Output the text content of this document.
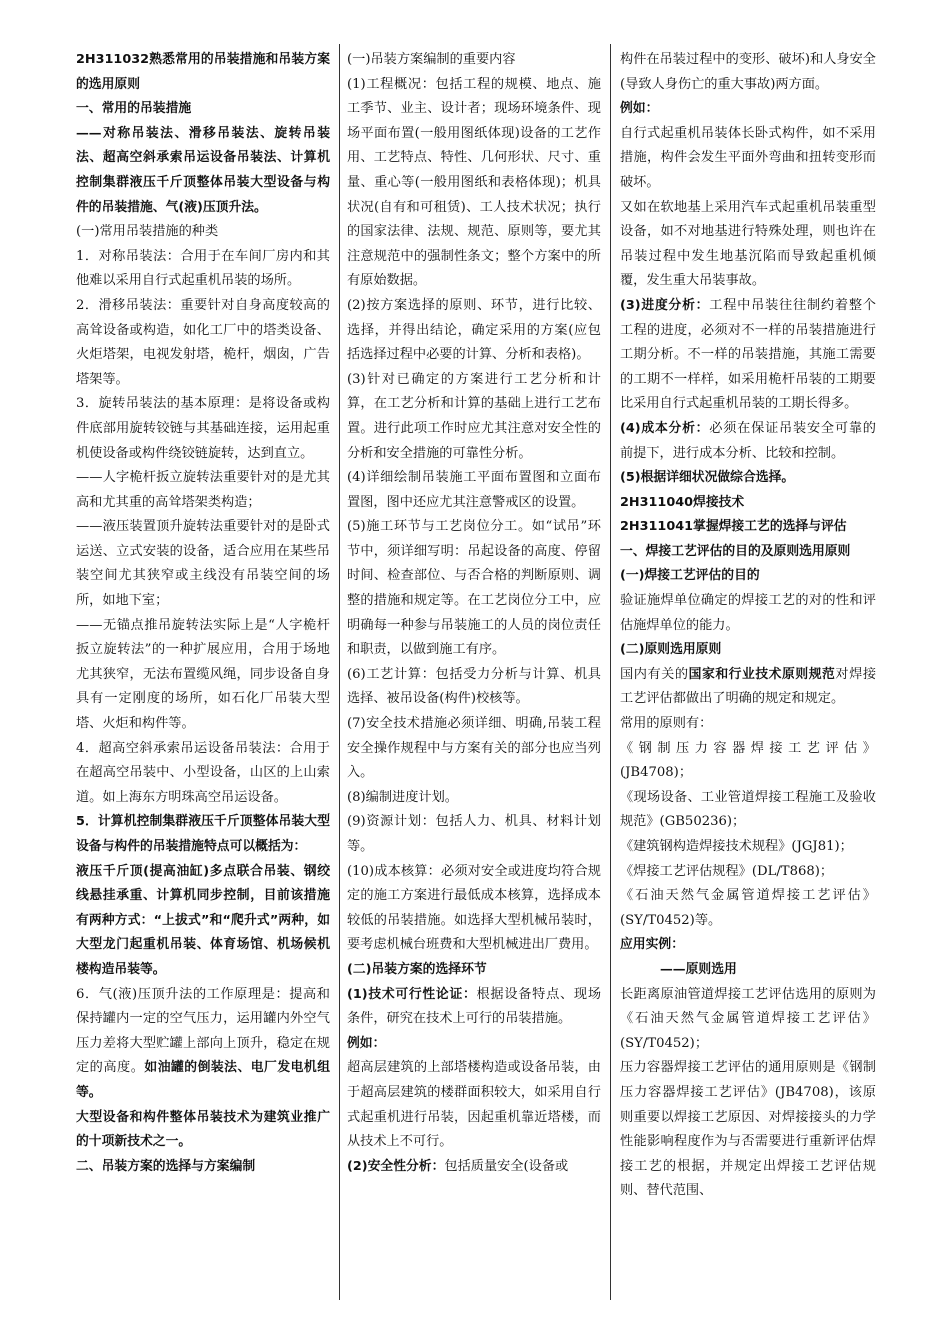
2H311032熟悉常用的吊装措施和吊装方案的选用原则

一、常用的吊装措施

——对称吊装法、滑移吊装法、旋转吊装法、超高空斜承索吊运设备吊装法、计算机控制集群液压千斤顶整体吊装大型设备与构件的吊装措施、气(液)压顶升法。

(一)常用吊装措施的种类

1．对称吊装法：合用于在车间厂房内和其他难以采用自行式起重机吊装的场所。

2．滑移吊装法：重要针对自身高度较高的高耸设备或构造，如化工厂中的塔类设备、火炬塔架，电视发射塔，桅杆，烟囱，广告塔架等。

3．旋转吊装法的基本原理：是将设备或构件底部用旋转铰链与其基础连接，运用起重机使设备或构件绕铰链旋转，达到直立。

——人字桅杆扳立旋转法重要针对的是尤其高和尤其重的高耸塔架类构造；

——液压装置顶升旋转法重要针对的是卧式运送、立式安装的设备，适合应用在某些吊装空间尤其狭窄或主线没有吊装空间的场所，如地下室；

——无锚点推吊旋转法实际上是“人字桅杆扳立旋转法”的一种扩展应用，合用于场地尤其狭窄，无法布置缆风绳，同步设备自身具有一定刚度的场所，如石化厂吊装大型塔、火炬和构件等。

4．超高空斜承索吊运设备吊装法：合用于在超高空吊装中、小型设备，山区的上山索道。如上海东方明珠高空吊运设备。

5．计算机控制集群液压千斤顶整体吊装大型设备与构件的吊装措施特点可以概括为：

液压千斤顶(提高油缸)多点联合吊装、钢绞线悬挂承重、计算机同步控制，目前该措施有两种方式：“上拔式”和“爬升式”两种，如大型龙门起重机吊装、体育场馆、机场候机楼构造吊装等。

6．气(液)压顶升法的工作原理是：提高和保持罐内一定的空气压力，运用罐内外空气压力差将大型贮罐上部向上顶升，稳定在规定的高度。如油罐的倒装法、电厂发电机组等。

大型设备和构件整体吊装技术为建筑业推广的十项新技术之一。

二、吊装方案的选择与方案编制

(一)吊装方案编制的重要内容

(1)工程概况：包括工程的规模、地点、施工季节、业主、设计者；现场环境条件、现场平面布置(一般用图纸体现)设备的工艺作用、工艺特点、特性、几何形状、尺寸、重量、重心等(一般用图纸和表格体现)；机具状况(自有和可租赁)、工人技术状况；执行的国家法律、法规、规范、原则等，要尤其注意规范中的强制性条文；整个方案中的所有原始数据。

(2)按方案选择的原则、环节，进行比较、选择，并得出结论，确定采用的方案(应包括选择过程中必要的计算、分析和表格)。

(3)针对已确定的方案进行工艺分析和计算，在工艺分析和计算的基础上进行工艺布置。进行此项工作时应尤其注意对安全性的分析和安全措施的可靠性分析。

(4)详细绘制吊装施工平面布置图和立面布置图，图中还应尤其注意警戒区的设置。

(5)施工环节与工艺岗位分工。如“试吊”环节中，须详细写明：吊起设备的高度、停留时间、检查部位、与否合格的判断原则、调整的措施和规定等。在工艺岗位分工中，应明确每一种参与吊装施工的人员的岗位责任和职责，以做到施工有序。

(6)工艺计算：包括受力分析与计算、机具选择、被吊设备(构件)校核等。

(7)安全技术措施必须详细、明确,吊装工程安全操作规程中与方案有关的部分也应当列入。

(8)编制进度计划。

(9)资源计划：包括人力、机具、材料计划等。

(10)成本核算：必须对安全或进度均符合规定的施工方案进行最低成本核算，选择成本较低的吊装措施。如选择大型机械吊装时，要考虑机械台班费和大型机械进出厂费用。

(二)吊装方案的选择环节

(1)技术可行性论证：根据设备特点、现场条件，研究在技术上可行的吊装措施。

例如：

超高层建筑的上部塔楼构造或设备吊装，由于超高层建筑的楼群面积较大，如采用自行式起重机进行吊装，因起重机靠近塔楼，而从技术上不可行。

(2)安全性分析：包括质量安全(设备或

构件在吊装过程中的变形、破坏)和人身安全(导致人身伤亡的重大事故)两方面。

例如：

自行式起重机吊装体长卧式构件，如不采用措施，构件会发生平面外弯曲和扭转变形而破坏。

又如在软地基上采用汽车式起重机吊装重型设备，如不对地基进行特殊处理，则也许在吊装过程中发生地基沉陷而导致起重机倾覆，发生重大吊装事故。

(3)进度分析：工程中吊装往往制约着整个工程的进度，必须对不一样的吊装措施进行工期分析。不一样的吊装措施，其施工需要的工期不一样样，如采用桅杆吊装的工期要比采用自行式起重机吊装的工期长得多。

(4)成本分析：必须在保证吊装安全可靠的前提下，进行成本分析、比较和控制。

(5)根据详细状况做综合选择。

2H311040焊接技术

2H311041掌握焊接工艺的选择与评估

一、焊接工艺评估的目的及原则选用原则

(一)焊接工艺评估的目的

验证施焊单位确定的焊接工艺的对的性和评估施焊单位的能力。

(二)原则选用原则

国内有关的国家和行业技术原则规范对焊接工艺评估都做出了明确的规定和规定。

常用的原则有：

《钢制压力容器焊接工艺评估》(JB4708)；

《现场设备、工业管道焊接工程施工及验收规范》(GB50236)；

《建筑钢构造焊接技术规程》(JGJ81)；

《焊接工艺评估规程》(DL/T868)；

《石油天然气金属管道焊接工艺评估》(SY/T0452)等。

应用实例：

——原则选用

长距离原油管道焊接工艺评估选用的原则为《石油天然气金属管道焊接工艺评估》(SY/T0452)；

压力容器焊接工艺评估的通用原则是《钢制压力容器焊接工艺评估》(JB4708)，该原则重要以焊接工艺原因、对焊接接头的力学性能影响程度作为与否需要进行重新评估焊接工艺的根据，并规定出焊接工艺评估规则、替代范围、
